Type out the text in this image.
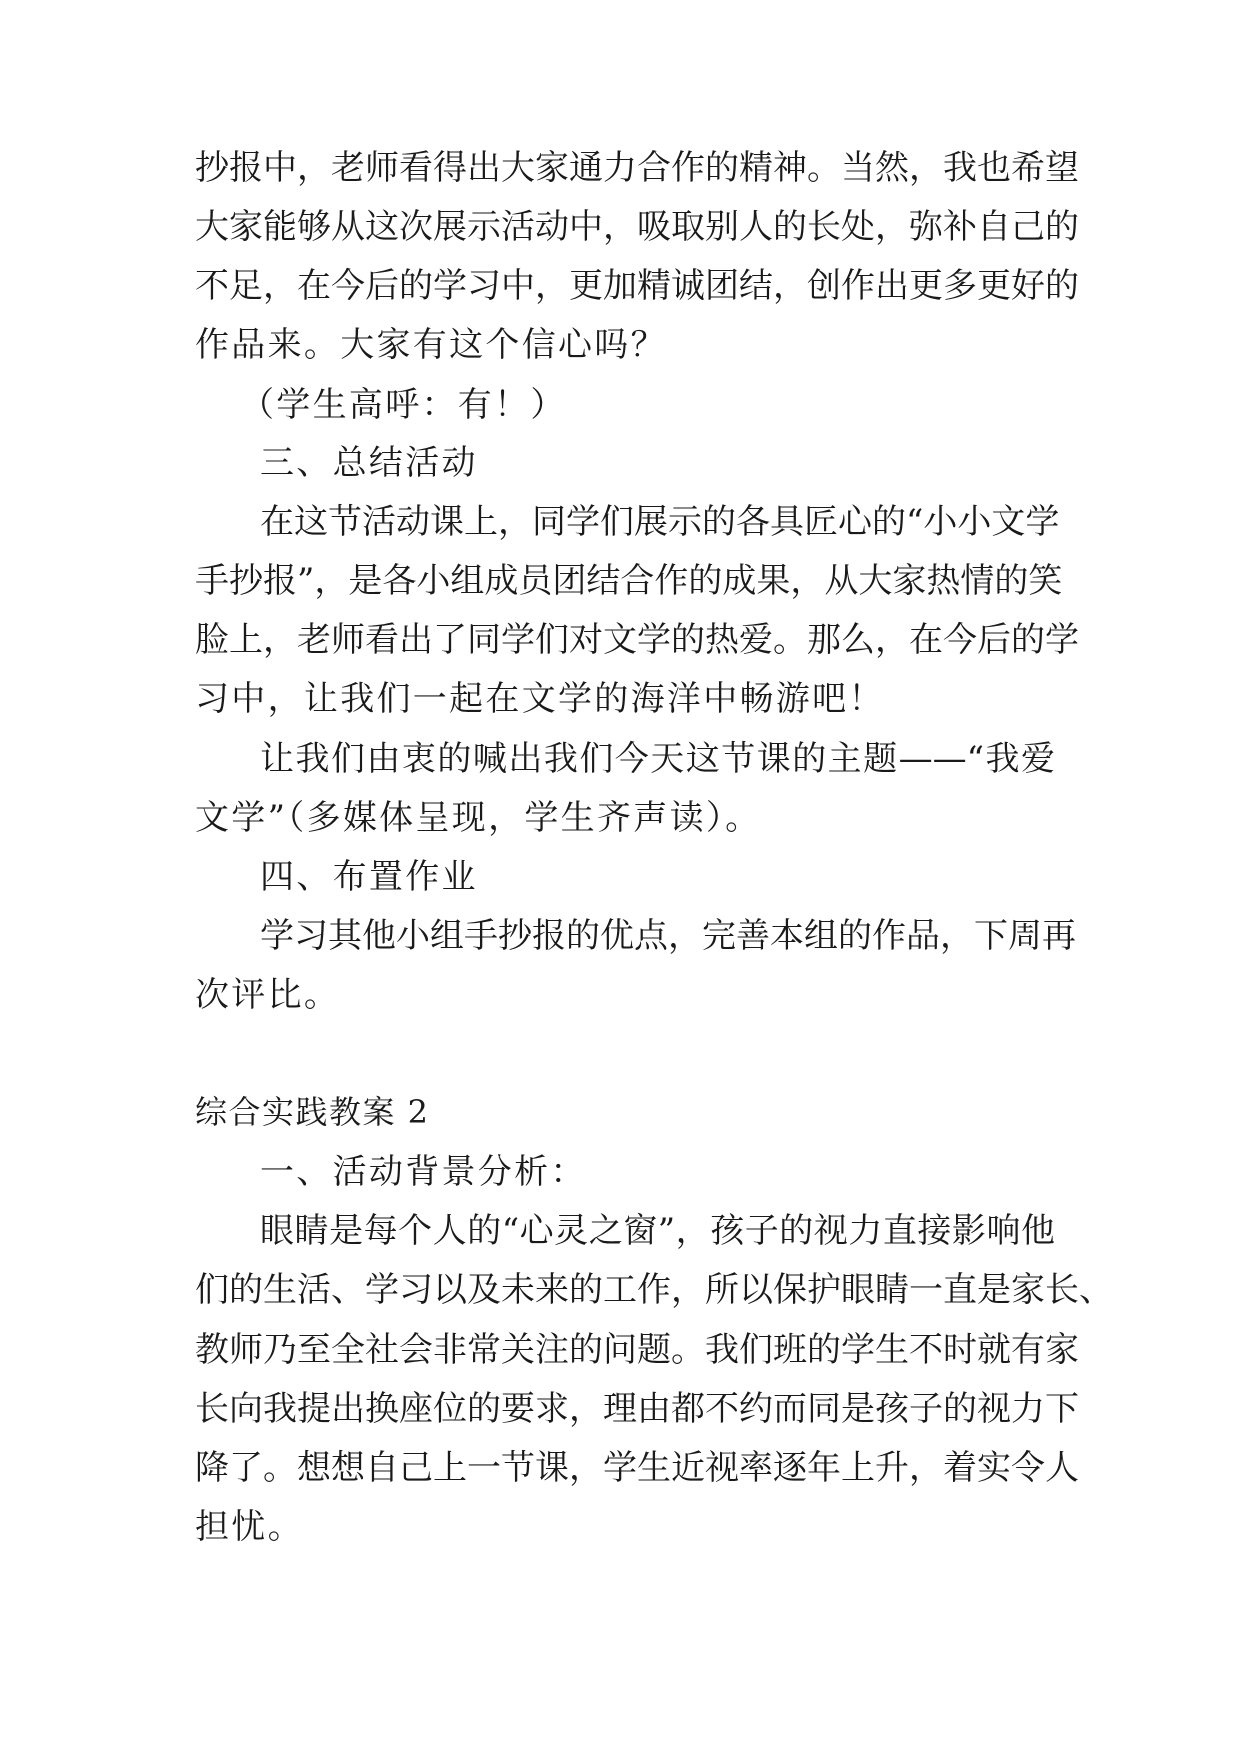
抄报中，老师看得出大家通力合作的精神。当然，我也希望
大家能够从这次展示活动中，吸取别人的长处，弥补自己的
不足，在今后的学习中，更加精诚团结，创作出更多更好的
作品来。大家有这个信心吗？
（学生高呼：有！）
三、总结活动
在这节活动课上，同学们展示的各具匠心的“小小文学
手抄报”，是各小组成员团结合作的成果，从大家热情的笑
脸上，老师看出了同学们对文学的热爱。那么，在今后的学
习中，让我们一起在文学的海洋中畅游吧！
让我们由衷的喊出我们今天这节课的主题——“我爱
文学”（多媒体呈现，学生齐声读）。
四、布置作业
学习其他小组手抄报的优点，完善本组的作品，下周再
次评比。
综合实践教案 2
一、活动背景分析：
眼睛是每个人的“心灵之窗”，孩子的视力直接影响他
们的生活、学习以及未来的工作，所以保护眼睛一直是家长、
教师乃至全社会非常关注的问题。我们班的学生不时就有家
长向我提出换座位的要求，理由都不约而同是孩子的视力下
降了。想想自己上一节课，学生近视率逐年上升，着实令人
担忧。
